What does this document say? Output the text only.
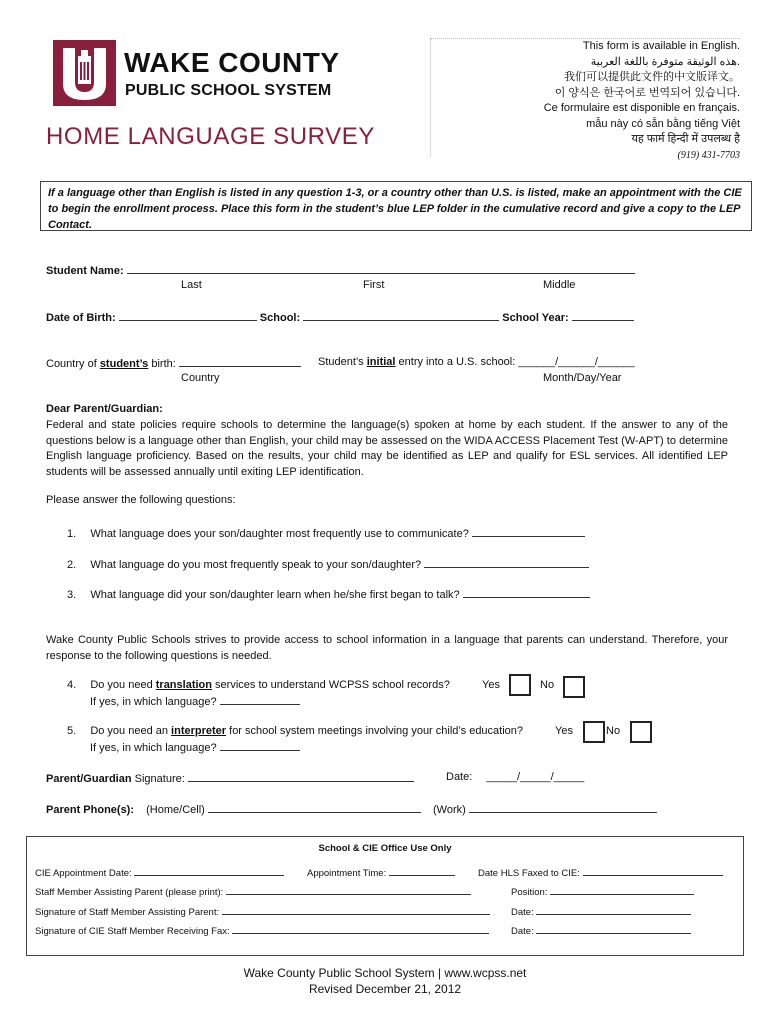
WAKE COUNTY
PUBLIC SCHOOL SYSTEM
HOME LANGUAGE SURVEY
This form is available in English.
هذه الوثيقة متوفرة باللغة العربية.
我们可以提供此文件的中文版译文。
이 양식은 한국어로 번역되어 있습니다.
Ce formulaire est disponible en français.
mẫu này có sẵn bằng tiếng Việt
यह फार्म हिन्दी में उपलब्ध है
(919) 431-7703
If a language other than English is listed in any question 1-3, or a country other than U.S. is listed, make an appointment with the CIE to begin the enrollment process. Place this form in the student’s blue LEP folder in the cumulative record and give a copy to the LEP Contact.
Student Name:
Last	First	Middle
Date of Birth:	School:	School Year:
Country of student’s birth:	Student’s initial entry into a U.S. school: ______/______/______
Country	Month/Day/Year
Dear Parent/Guardian:
Federal and state policies require schools to determine the language(s) spoken at home by each student. If the answer to any of the questions below is a language other than English, your child may be assessed on the WIDA ACCESS Placement Test (W-APT) to determine English language proficiency. Based on the results, your child may be identified as LEP and qualify for ESL services. All identified LEP students will be assessed annually until exiting LEP identification.
Please answer the following questions:
1. What language does your son/daughter most frequently use to communicate?
2. What language do you most frequently speak to your son/daughter?
3. What language did your son/daughter learn when he/she first began to talk?
Wake County Public Schools strives to provide access to school information in a language that parents can understand. Therefore, your response to the following questions is needed.
4. Do you need translation services to understand WCPSS school records?
If yes, in which language?
Yes	No
5. Do you need an interpreter for school system meetings involving your child’s education?
If yes, in which language?
Yes	No
Parent/Guardian Signature:	Date: _____/_____/_____
Parent Phone(s): (Home/Cell)	(Work)
School & CIE Office Use Only
CIE Appointment Date:	Appointment Time:	Date HLS Faxed to CIE:
Staff Member Assisting Parent (please print):	Position:
Signature of Staff Member Assisting Parent:	Date:
Signature of CIE Staff Member Receiving Fax:	Date:
Wake County Public School System | www.wcpss.net
Revised December 21, 2012
